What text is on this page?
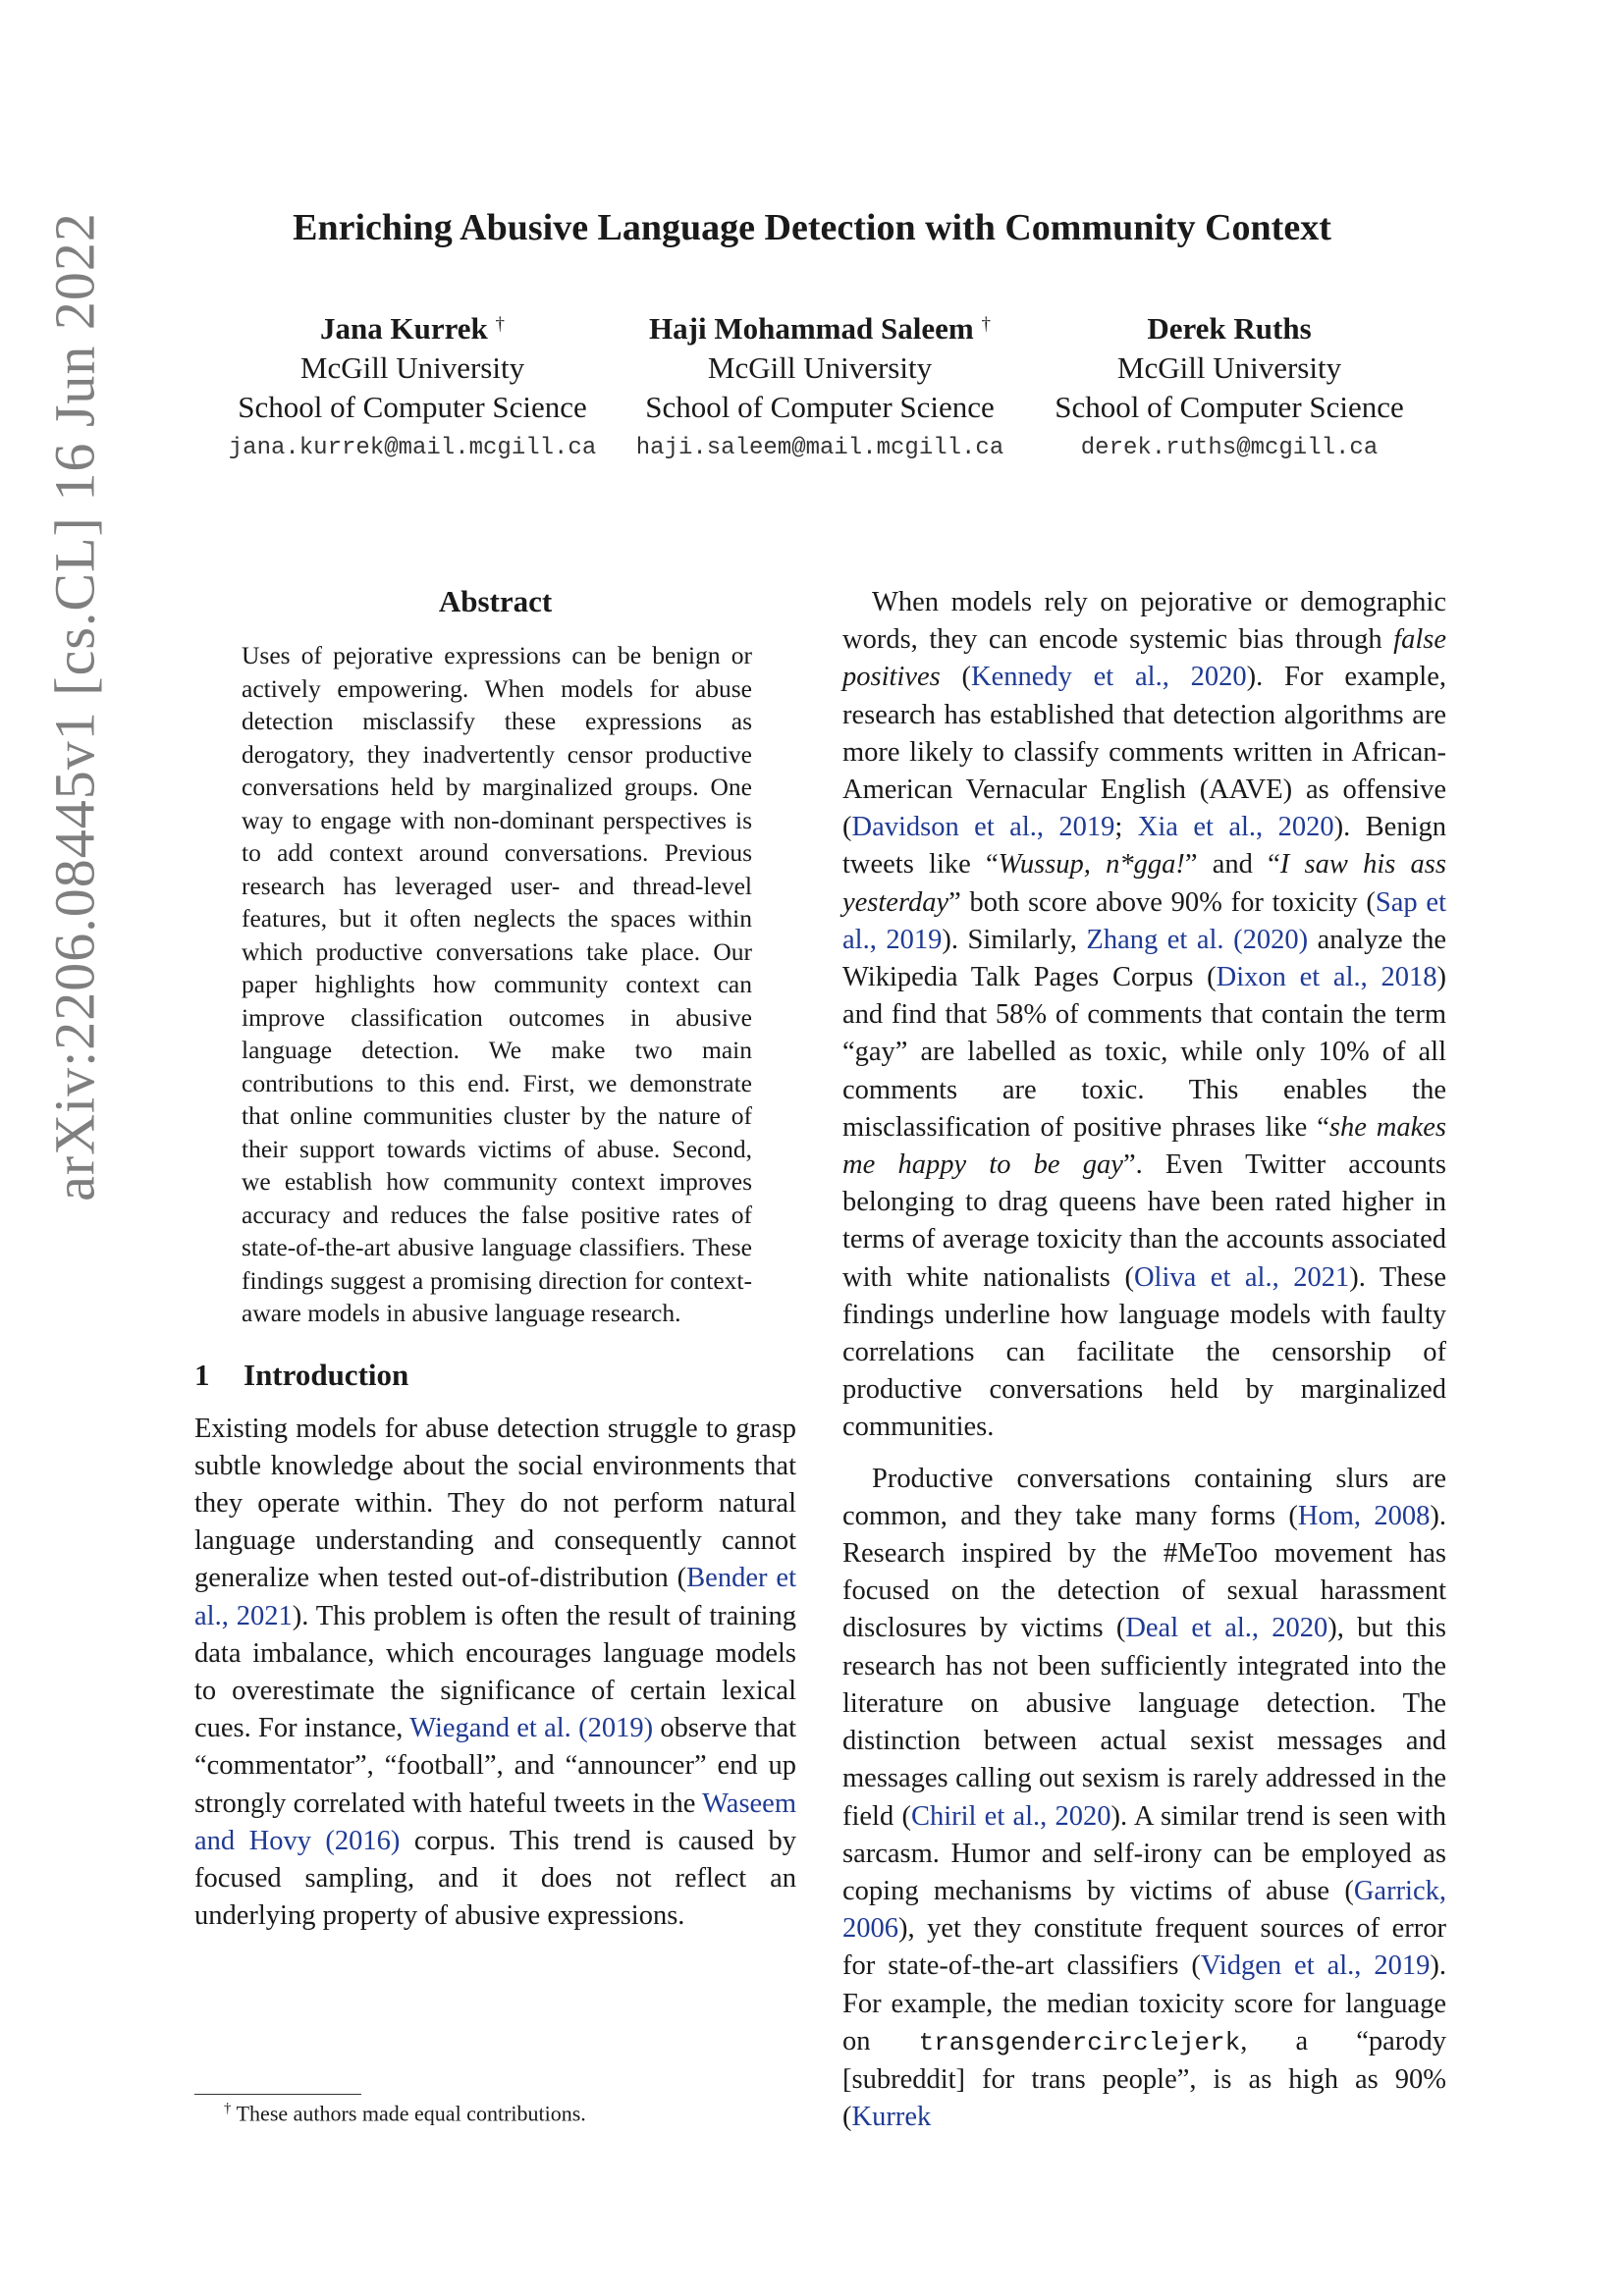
arXiv:2206.08445v1 [cs.CL] 16 Jun 2022	Enriching Abusive Language Detection with Community Context
Jana Kurrek †
McGill University
School of Computer Science
jana.kurrek@mail.mcgill.ca
Haji Mohammad Saleem †
McGill University
School of Computer Science
haji.saleem@mail.mcgill.ca
Derek Ruths
McGill University
School of Computer Science
derek.ruths@mcgill.ca
Abstract

Uses of pejorative expressions can be benign or actively empowering. When models for abuse detection misclassify these expressions as derogatory, they inadvertently censor productive conversations held by marginalized groups. One way to engage with non-dominant perspectives is to add context around conversations. Previous research has leveraged user- and thread-level features, but it often neglects the spaces within which productive conversations take place. Our paper highlights how community context can improve classification outcomes in abusive language detection. We make two main contributions to this end. First, we demonstrate that online communities cluster by the nature of their support towards victims of abuse. Second, we establish how community context improves accuracy and reduces the false positive rates of state-of-the-art abusive language classifiers. These findings suggest a promising direction for context-aware models in abusive language research.

1 Introduction

Existing models for abuse detection struggle to grasp subtle knowledge about the social environments that they operate within. They do not perform natural language understanding and consequently cannot generalize when tested out-of-distribution (Bender et al., 2021). This problem is often the result of training data imbalance, which encourages language models to overestimate the significance of certain lexical cues. For instance, Wiegand et al. (2019) observe that “commentator”, “football”, and “announcer” end up strongly correlated with hateful tweets in the Waseem and Hovy (2016) corpus. This trend is caused by focused sampling, and it does not reflect an underlying property of abusive expressions.

When models rely on pejorative or demographic words, they can encode systemic bias through false positives (Kennedy et al., 2020). For example, research has established that detection algorithms are more likely to classify comments written in African-American Vernacular English (AAVE) as offensive (Davidson et al., 2019; Xia et al., 2020). Benign tweets like “Wussup, n*gga!” and “I saw his ass yesterday” both score above 90% for toxicity (Sap et al., 2019). Similarly, Zhang et al. (2020) analyze the Wikipedia Talk Pages Corpus (Dixon et al., 2018) and find that 58% of comments that contain the term “gay” are labelled as toxic, while only 10% of all comments are toxic. This enables the misclassification of positive phrases like “she makes me happy to be gay”. Even Twitter accounts belonging to drag queens have been rated higher in terms of average toxicity than the accounts associated with white nationalists (Oliva et al., 2021). These findings underline how language models with faulty correlations can facilitate the censorship of productive conversations held by marginalized communities.

Productive conversations containing slurs are common, and they take many forms (Hom, 2008). Research inspired by the #MeToo movement has focused on the detection of sexual harassment disclosures by victims (Deal et al., 2020), but this research has not been sufficiently integrated into the literature on abusive language detection. The distinction between actual sexist messages and messages calling out sexism is rarely addressed in the field (Chiril et al., 2020). A similar trend is seen with sarcasm. Humor and self-irony can be employed as coping mechanisms by victims of abuse (Garrick, 2006), yet they constitute frequent sources of error for state-of-the-art classifiers (Vidgen et al., 2019). For example, the median toxicity score for language on transgendercirclejerk, a “parody [subreddit] for trans people”, is as high as 90% (Kurrek

† These authors made equal contributions.
